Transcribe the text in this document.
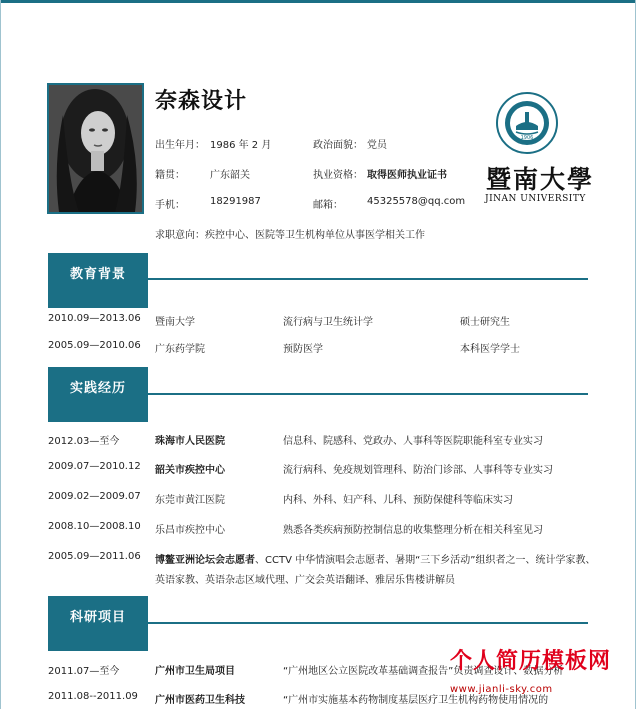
奈森设计
出生年月： 1986 年 2 月	政治面貌： 党员
籍贯：	广东韶关	执业资格： 取得医师执业证书
手机：	18291987	邮箱： 45325578@qq.com
1906
暨南大學
JINAN UNIVERSITY
求职意向：疾控中心、医院等卫生机构单位从事医学相关工作
教育背景
2010.09—2013.06 暨南大学	流行病与卫生统计学	硕士研究生
2005.09—2010.06 广东药学院	预防医学	本科医学学士
实践经历
2012.03—至今	珠海市人民医院	信息科、院感科、党政办、人事科等医院职能科室专业实习
2009.07—2010.12 韶关市疾控中心	流行病科、免疫规划管理科、防治门诊部、人事科等专业实习
2009.02—2009.07 东莞市黄江医院	内科、外科、妇产科、儿科、预防保健科等临床实习
2008.10—2008.10 乐昌市疾控中心	熟悉各类疾病预防控制信息的收集整理分析在相关科室见习
2005.09—2011.06 博鳌亚洲论坛会志愿者、CCTV 中华情演唱会志愿者、暑期“三下乡活动”组织者之一、统计学家教、
英语家教、英语杂志区域代理、广交会英语翻译、雅居乐售楼讲解员
科研项目
2011.07—至今	广州市卫生局项目	“广州地区公立医院改革基础调查报告”负责调查设计、数据分析
2011.08--2011.09 广州市医药卫生科技	“广州市实施基本药物制度基层医疗卫生机构药物使用情况的
个人简历模板网
www.jianli-sky.com
